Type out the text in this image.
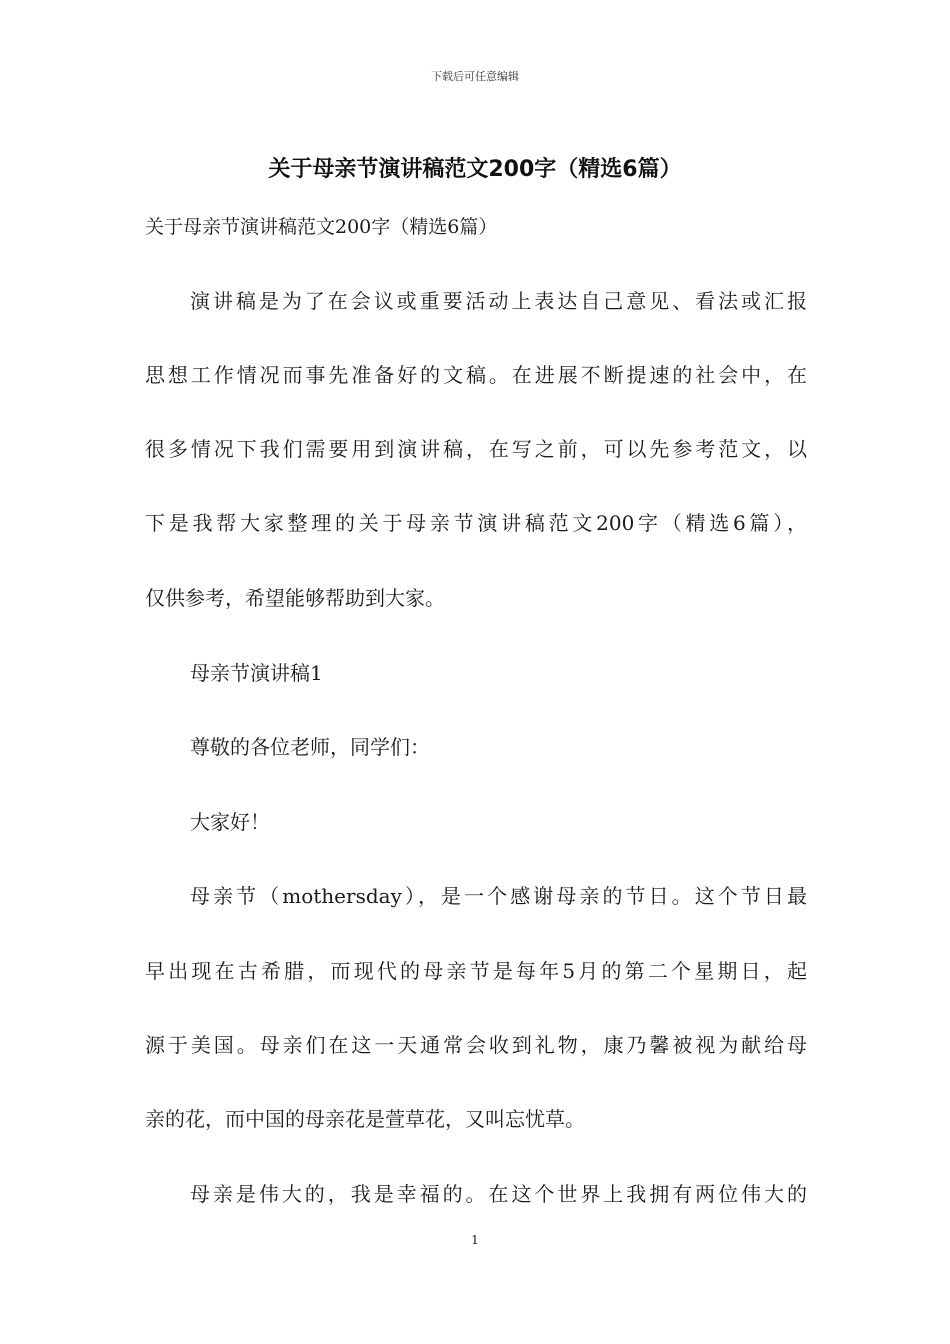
下载后可任意编辑
关于母亲节演讲稿范文200字（精选6篇）

关于母亲节演讲稿范文200字（精选6篇）

演讲稿是为了在会议或重要活动上表达自己意见、看法或汇报

思想工作情况而事先准备好的文稿。在进展不断提速的社会中，在

很多情况下我们需要用到演讲稿，在写之前，可以先参考范文，以

下是我帮大家整理的关于母亲节演讲稿范文200字（精选6篇），

仅供参考，希望能够帮助到大家。

母亲节演讲稿1

尊敬的各位老师，同学们：

大家好！

母亲节（mothersday），是一个感谢母亲的节日。这个节日最

早出现在古希腊，而现代的母亲节是每年5月的第二个星期日，起

源于美国。母亲们在这一天通常会收到礼物，康乃馨被视为献给母

亲的花，而中国的母亲花是萱草花，又叫忘忧草。

母亲是伟大的，我是幸福的。在这个世界上我拥有两位伟大的

1
